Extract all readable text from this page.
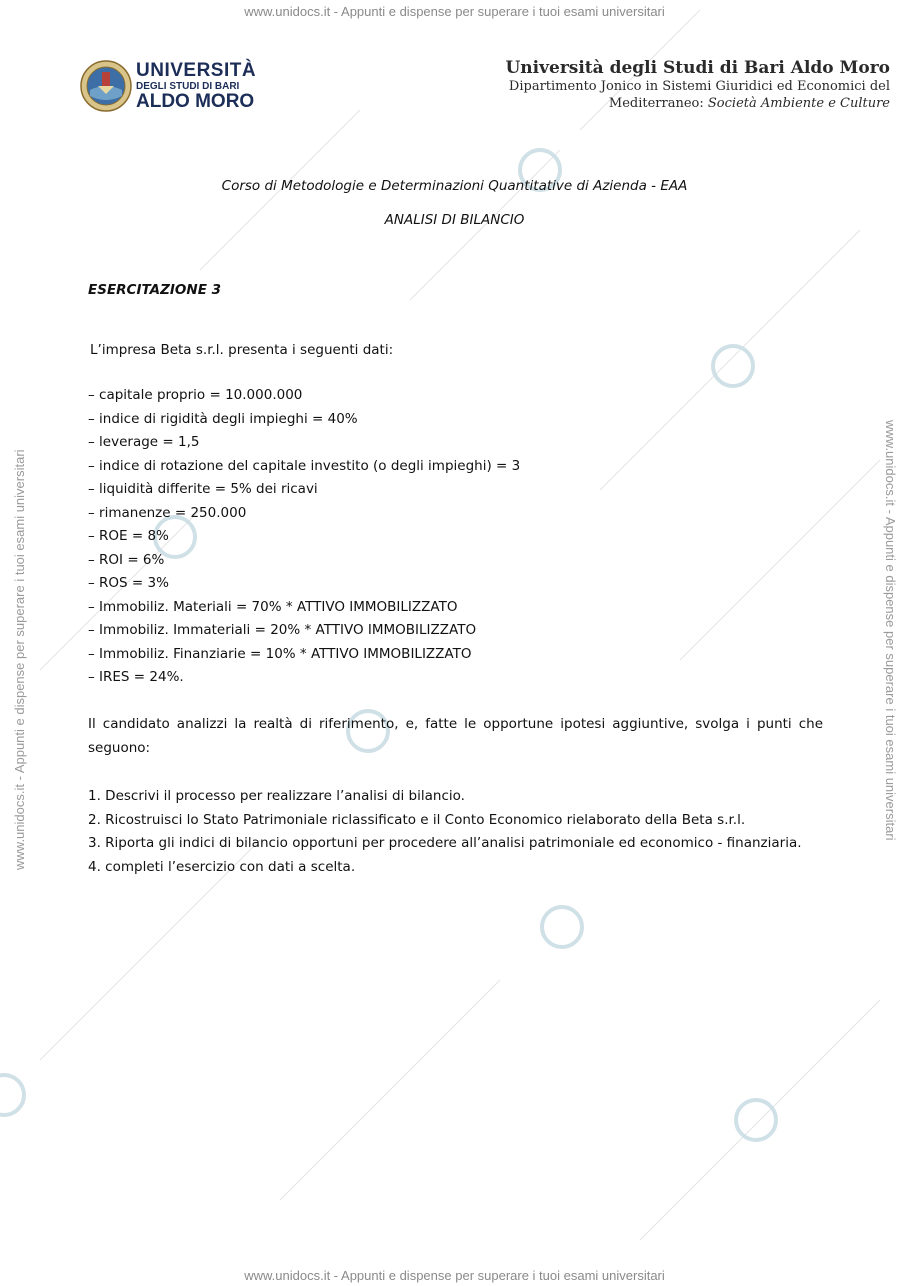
www.unidocs.it - Appunti e dispense per superare i tuoi esami universitari
www.unidocs.it - Appunti e dispense per superare i tuoi esami universitari
www.unidocs.it - Appunti e dispense per superare i tuoi esami universitari	www.unidocs.it - Appunti e dispense per superare i tuoi esami universitari
UNIVERSITÀ
DEGLI STUDI DI BARI
ALDO MORO
Università degli Studi di Bari Aldo Moro
Dipartimento Jonico in Sistemi Giuridici ed Economici del
Mediterraneo: Società Ambiente e Culture
Corso di Metodologie e Determinazioni Quantitative di Azienda - EAA
ANALISI DI BILANCIO
ESERCITAZIONE 3
L’impresa Beta s.r.l. presenta i seguenti dati:
– capitale proprio = 10.000.000
– indice di rigidità degli impieghi = 40%
– leverage = 1,5
– indice di rotazione del capitale investito (o degli impieghi) = 3
– liquidità differite = 5% dei ricavi
– rimanenze = 250.000
– ROE = 8%
– ROI = 6%
– ROS = 3%
– Immobiliz. Materiali = 70% * ATTIVO IMMOBILIZZATO
– Immobiliz. Immateriali = 20% * ATTIVO IMMOBILIZZATO
– Immobiliz. Finanziarie = 10% * ATTIVO IMMOBILIZZATO
– IRES = 24%.
Il candidato analizzi la realtà di riferimento, e, fatte le opportune ipotesi aggiuntive, svolga i punti che seguono:
1. Descrivi il processo per realizzare l’analisi di bilancio.
2. Ricostruisci lo Stato Patrimoniale riclassificato e il Conto Economico rielaborato della Beta s.r.l.
3. Riporta gli indici di bilancio opportuni per procedere all’analisi patrimoniale ed economico - finanziaria.
4. completi l’esercizio con dati a scelta.
